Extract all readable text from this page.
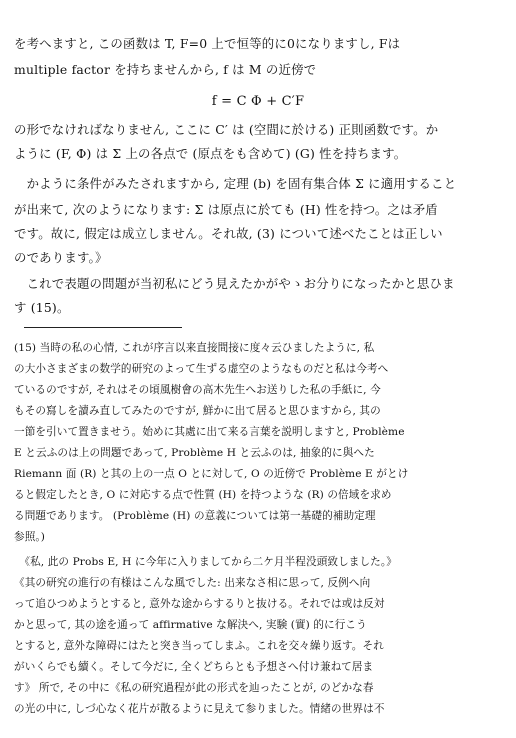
を考へますと, この函数は T, F=0 上で恒等的に0になりますし, Fは
multiple factor を持ちませんから, f は M の近傍で
f = C Φ + C′F
の形でなければなりません, ここに C′ は (空間に於ける) 正則函数です。か
ように (F, Φ) は Σ 上の各点で (原点をも含めて) (G) 性を持ちます。
　かように条件がみたされますから, 定理 (b) を固有集合体 Σ に適用すること
が出来て, 次のようになります: Σ は原点に於ても (H) 性を持つ。之は矛盾
です。故に, 假定は成立しません。それ故, (3) について述べたことは正しい
のであります。》
　これで表題の問題が当初私にどう見えたかがやゝお分りになったかと思ひま
す (15)。
(15) 当時の私の心情, これが序言以来直接間接に度々云ひましたように, 私
の大小さまざまの数学的研究のよって生ずる虚空のようなものだと私は今考へ
ているのですが, それはその頃風樹會の高木先生へお送りした私の手紙に, 今
もその寫しを讀み直してみたのですが, 鮮かに出て居ると思ひますから, 其の
一節を引いて置きませう。始めに其處に出て来る言葉を説明しますと, Problème
E と云ふのは上の問題であって, Problème H と云ふのは, 抽象的に與へた
Riemann 面 (R) と其の上の一点 O とに対して, O の近傍で Problème E がとけ
ると假定したとき, O に対応する点で性質 (H) を持つような (R) の倍域を求め
る問題であります。 (Problème (H) の意義については第一基礎的補助定理
参照。)
　《私, 此の Probs E, H に今年に入りましてから二ケ月半程没頭致しました。》
《其の研究の進行の有様はこんな風でした: 出来なさ相に思って, 反例へ向
って追ひつめようとすると, 意外な途からするりと抜ける。それでは或は反対
かと思って, 其の途を通って affirmative な解決へ, 実験 (實) 的に行こう
とすると, 意外な障碍にはたと突き当ってしまふ。これを交々繰り返す。それ
がいくらでも續く。そして今だに, 全くどちらとも予想さへ付け兼ねて居ま
す》 所で, その中に《私の研究過程が此の形式を辿ったことが, のどかな春
の光の中に, しづ心なく花片が散るように見えて参りました。情緒の世界は不
